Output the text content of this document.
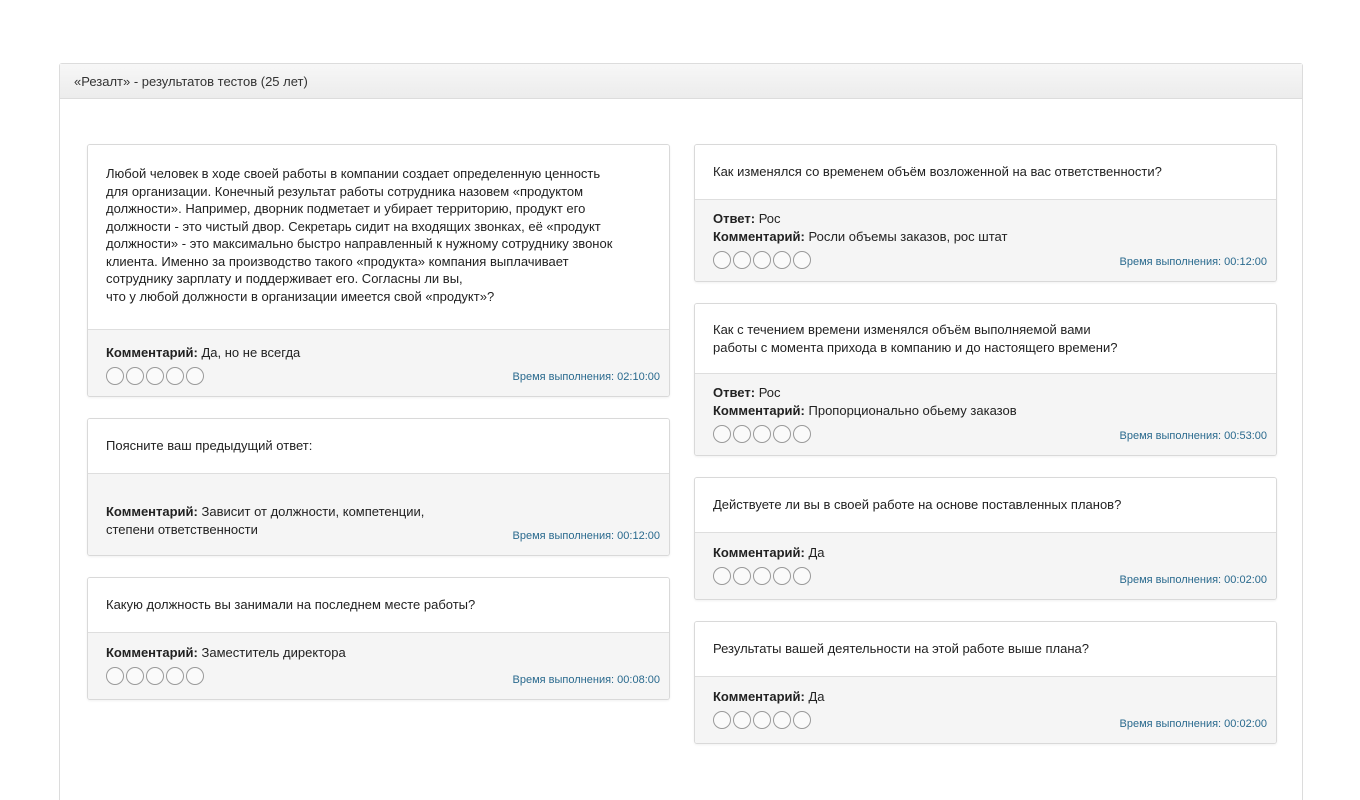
«Резалт» - результатов тестов (25 лет)
Любой человек в ходе своей работы в компании создает определенную ценность
для организации. Конечный результат работы сотрудника назовем «продуктом
должности». Например, дворник подметает и убирает территорию, продукт его
должности - это чистый двор. Секретарь сидит на входящих звонках, её «продукт
должности» - это максимально быстро направленный к нужному сотруднику звонок
клиента. Именно за производство такого «продукта» компания выплачивает
сотруднику зарплату и поддерживает его. Согласны ли вы,
что у любой должности в организации имеется свой «продукт»?
Комментарий: Да, но не всегда
Время выполнения: 02:10:00
Поясните ваш предыдущий ответ:

Комментарий: Зависит от должности, компетенции,
степени ответственности	Время выполнения: 00:12:00

Какую должность вы занимали на последнем месте работы?
Комментарий: Заместитель директора
Время выполнения: 00:08:00
Как изменялся со временем объём возложенной на вас ответственности?
Ответ: Рос
Комментарий: Росли объемы заказов, рос штат
Время выполнения: 00:12:00
Как с течением времени изменялся объём выполняемой вами
работы с момента прихода в компанию и до настоящего времени?
Ответ: Рос
Комментарий: Пропорционально обьему заказов
Время выполнения: 00:53:00
Действуете ли вы в своей работе на основе поставленных планов?
Комментарий: Да
Время выполнения: 00:02:00
Результаты вашей деятельности на этой работе выше плана?
Комментарий: Да
Время выполнения: 00:02:00
